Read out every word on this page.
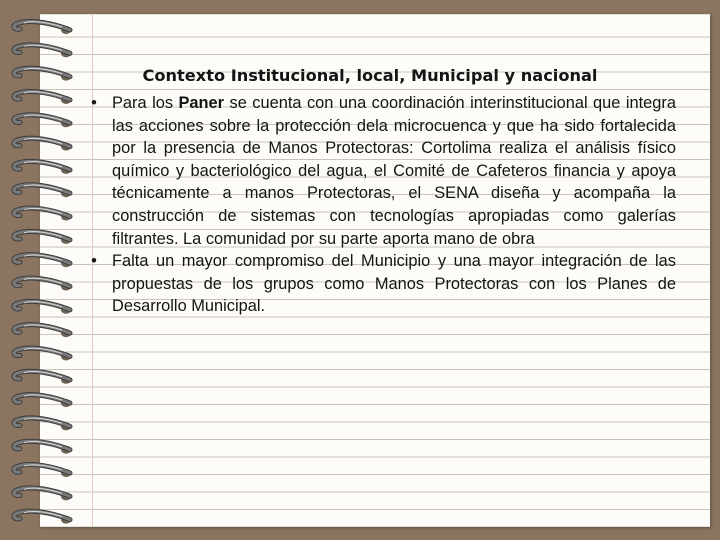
Contexto Institucional, local, Municipal y nacional
• Para los Paner se cuenta con una coordinación interinstitucional que integra las acciones sobre la protección dela microcuenca y que ha sido fortalecida por la presencia de Manos Protectoras: Cortolima realiza el análisis físico químico y bacteriológico del agua, el Comité de Cafeteros financia y apoya técnicamente a manos Protectoras, el SENA diseña y acompaña la construcción de sistemas con tecnologías apropiadas como galerías filtrantes. La comunidad por su parte aporta mano de obra
• Falta un mayor compromiso del Municipio y una mayor integración de las propuestas de los grupos como Manos Protectoras con los Planes de Desarrollo Municipal.
